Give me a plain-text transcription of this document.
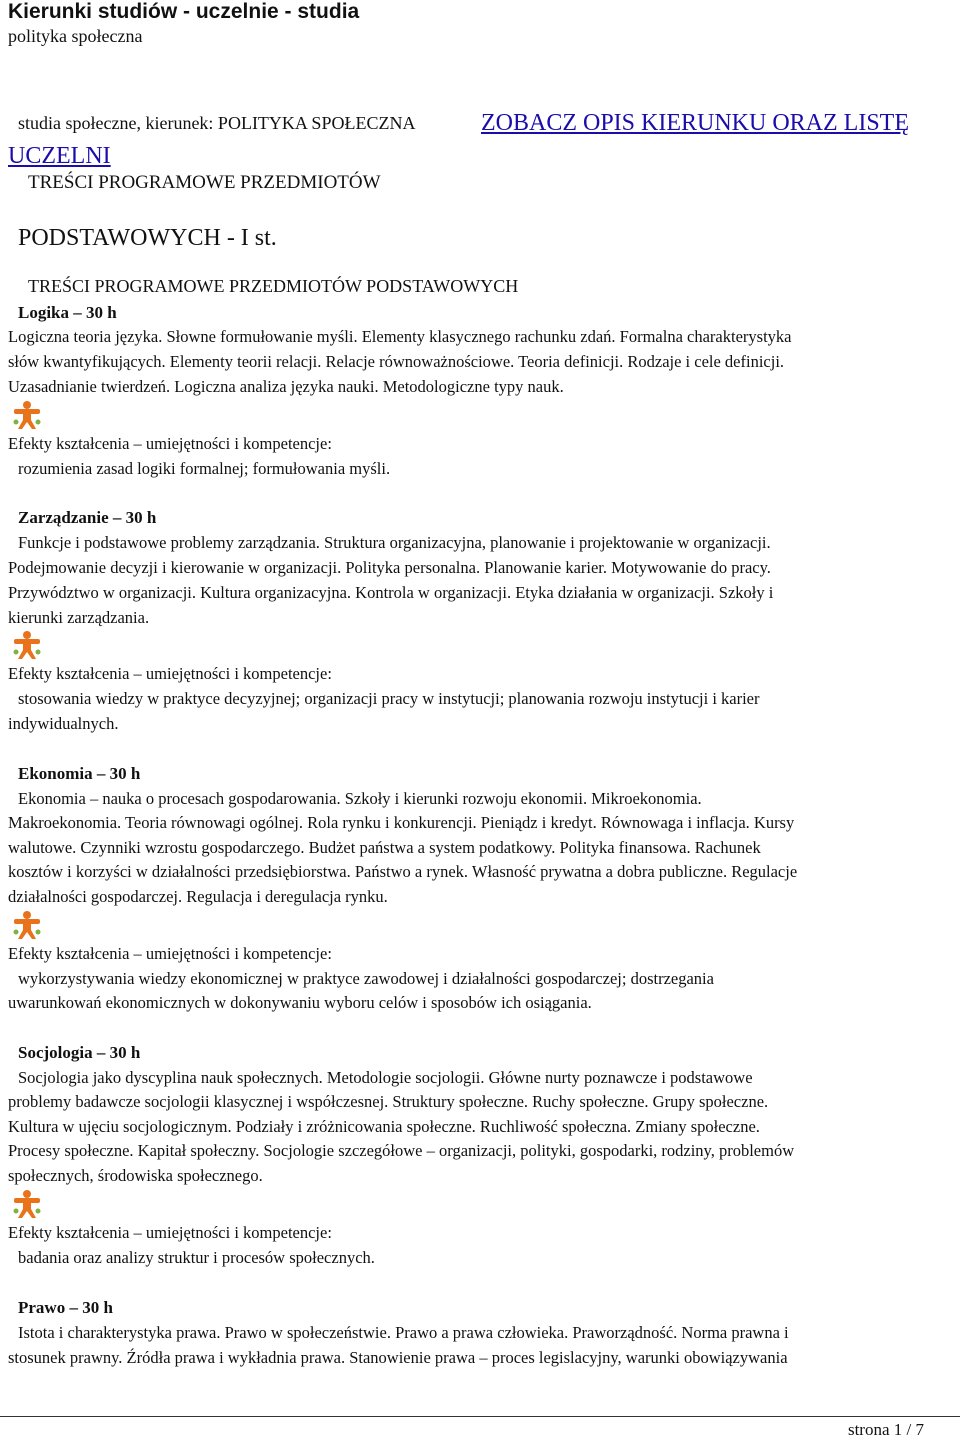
Kierunki studiów - uczelnie - studia
polityka społeczna
studia społeczne, kierunek: POLITYKA SPOŁECZNA	ZOBACZ OPIS KIERUNKU ORAZ LISTĘ
UCZELNI
TREŚCI PROGRAMOWE PRZEDMIOTÓW
PODSTAWOWYCH - I st.
TREŚCI PROGRAMOWE PRZEDMIOTÓW PODSTAWOWYCH
Logika – 30 h
Logiczna teoria języka. Słowne formułowanie myśli. Elementy klasycznego rachunku zdań. Formalna charakterystyka
słów kwantyfikujących. Elementy teorii relacji. Relacje równoważnościowe. Teoria definicji. Rodzaje i cele definicji.
Uzasadnianie twierdzeń. Logiczna analiza języka nauki. Metodologiczne typy nauk.
Efekty kształcenia – umiejętności i kompetencje:
rozumienia zasad logiki formalnej; formułowania myśli.
Zarządzanie – 30 h
Funkcje i podstawowe problemy zarządzania. Struktura organizacyjna, planowanie i projektowanie w organizacji.
Podejmowanie decyzji i kierowanie w organizacji. Polityka personalna. Planowanie karier. Motywowanie do pracy.
Przywództwo w organizacji. Kultura organizacyjna. Kontrola w organizacji. Etyka działania w organizacji. Szkoły i
kierunki zarządzania.
Efekty kształcenia – umiejętności i kompetencje:
stosowania wiedzy w praktyce decyzyjnej; organizacji pracy w instytucji; planowania rozwoju instytucji i karier
indywidualnych.
Ekonomia – 30 h
Ekonomia – nauka o procesach gospodarowania. Szkoły i kierunki rozwoju ekonomii. Mikroekonomia.
Makroekonomia. Teoria równowagi ogólnej. Rola rynku i konkurencji. Pieniądz i kredyt. Równowaga i inflacja. Kursy
walutowe. Czynniki wzrostu gospodarczego. Budżet państwa a system podatkowy. Polityka finansowa. Rachunek
kosztów i korzyści w działalności przedsiębiorstwa. Państwo a rynek. Własność prywatna a dobra publiczne. Regulacje
działalności gospodarczej. Regulacja i deregulacja rynku.
Efekty kształcenia – umiejętności i kompetencje:
wykorzystywania wiedzy ekonomicznej w praktyce zawodowej i działalności gospodarczej; dostrzegania
uwarunkowań ekonomicznych w dokonywaniu wyboru celów i sposobów ich osiągania.
Socjologia – 30 h
Socjologia jako dyscyplina nauk społecznych. Metodologie socjologii. Główne nurty poznawcze i podstawowe
problemy badawcze socjologii klasycznej i współczesnej. Struktury społeczne. Ruchy społeczne. Grupy społeczne.
Kultura w ujęciu socjologicznym. Podziały i zróżnicowania społeczne. Ruchliwość społeczna. Zmiany społeczne.
Procesy społeczne. Kapitał społeczny. Socjologie szczegółowe – organizacji, polityki, gospodarki, rodziny, problemów
społecznych, środowiska społecznego.
Efekty kształcenia – umiejętności i kompetencje:
badania oraz analizy struktur i procesów społecznych.
Prawo – 30 h
Istota i charakterystyka prawa. Prawo w społeczeństwie. Prawo a prawa człowieka. Praworządność. Norma prawna i
stosunek prawny. Źródła prawa i wykładnia prawa. Stanowienie prawa – proces legislacyjny, warunki obowiązywania
strona 1 / 7
